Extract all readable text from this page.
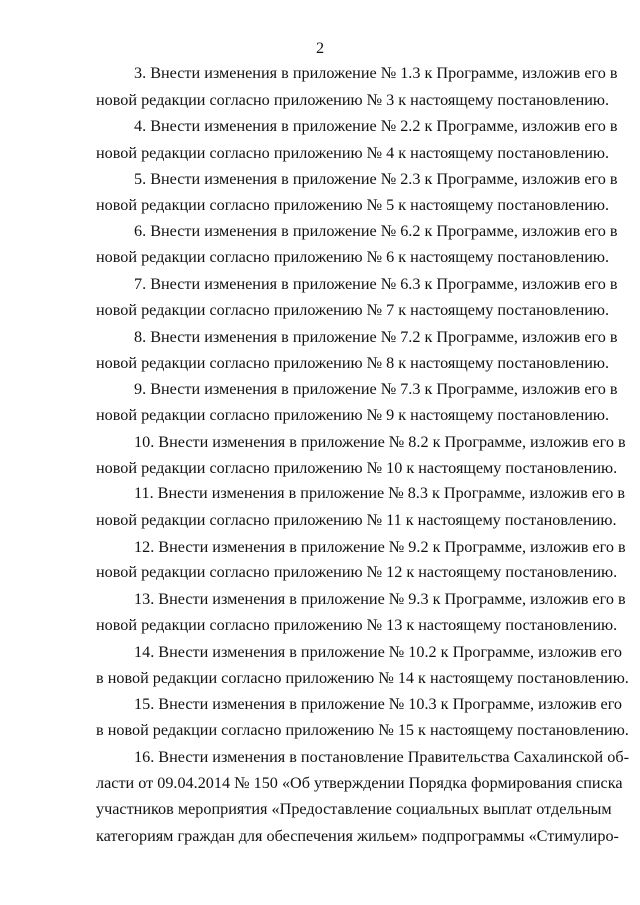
2
3. Внести изменения в приложение № 1.3 к Программе, изложив его в
новой редакции согласно приложению № 3 к настоящему постановлению.
4. Внести изменения в приложение № 2.2 к Программе, изложив его в
новой редакции согласно приложению № 4 к настоящему постановлению.
5. Внести изменения в приложение № 2.3 к Программе, изложив его в
новой редакции согласно приложению № 5 к настоящему постановлению.
6. Внести изменения в приложение № 6.2 к Программе, изложив его в
новой редакции согласно приложению № 6 к настоящему постановлению.
7. Внести изменения в приложение № 6.3 к Программе, изложив его в
новой редакции согласно приложению № 7 к настоящему постановлению.
8. Внести изменения в приложение № 7.2 к Программе, изложив его в
новой редакции согласно приложению № 8 к настоящему постановлению.
9. Внести изменения в приложение № 7.3 к Программе, изложив его в
новой редакции согласно приложению № 9 к настоящему постановлению.
10. Внести изменения в приложение № 8.2 к Программе, изложив его в
новой редакции согласно приложению № 10 к настоящему постановлению.
11. Внести изменения в приложение № 8.3 к Программе, изложив его в
новой редакции согласно приложению № 11 к настоящему постановлению.
12. Внести изменения в приложение № 9.2 к Программе, изложив его в
новой редакции согласно приложению № 12 к настоящему постановлению.
13. Внести изменения в приложение № 9.3 к Программе, изложив его в
новой редакции согласно приложению № 13 к настоящему постановлению.
14. Внести изменения в приложение № 10.2 к Программе, изложив его
в новой редакции согласно приложению № 14 к настоящему постановлению.
15. Внести изменения в приложение № 10.3 к Программе, изложив его
в новой редакции согласно приложению № 15 к настоящему постановлению.
16. Внести изменения в постановление Правительства Сахалинской об-
ласти от 09.04.2014 № 150 «Об утверждении Порядка формирования списка
участников мероприятия «Предоставление социальных выплат отдельным
категориям граждан для обеспечения жильем» подпрограммы «Стимулиро-
